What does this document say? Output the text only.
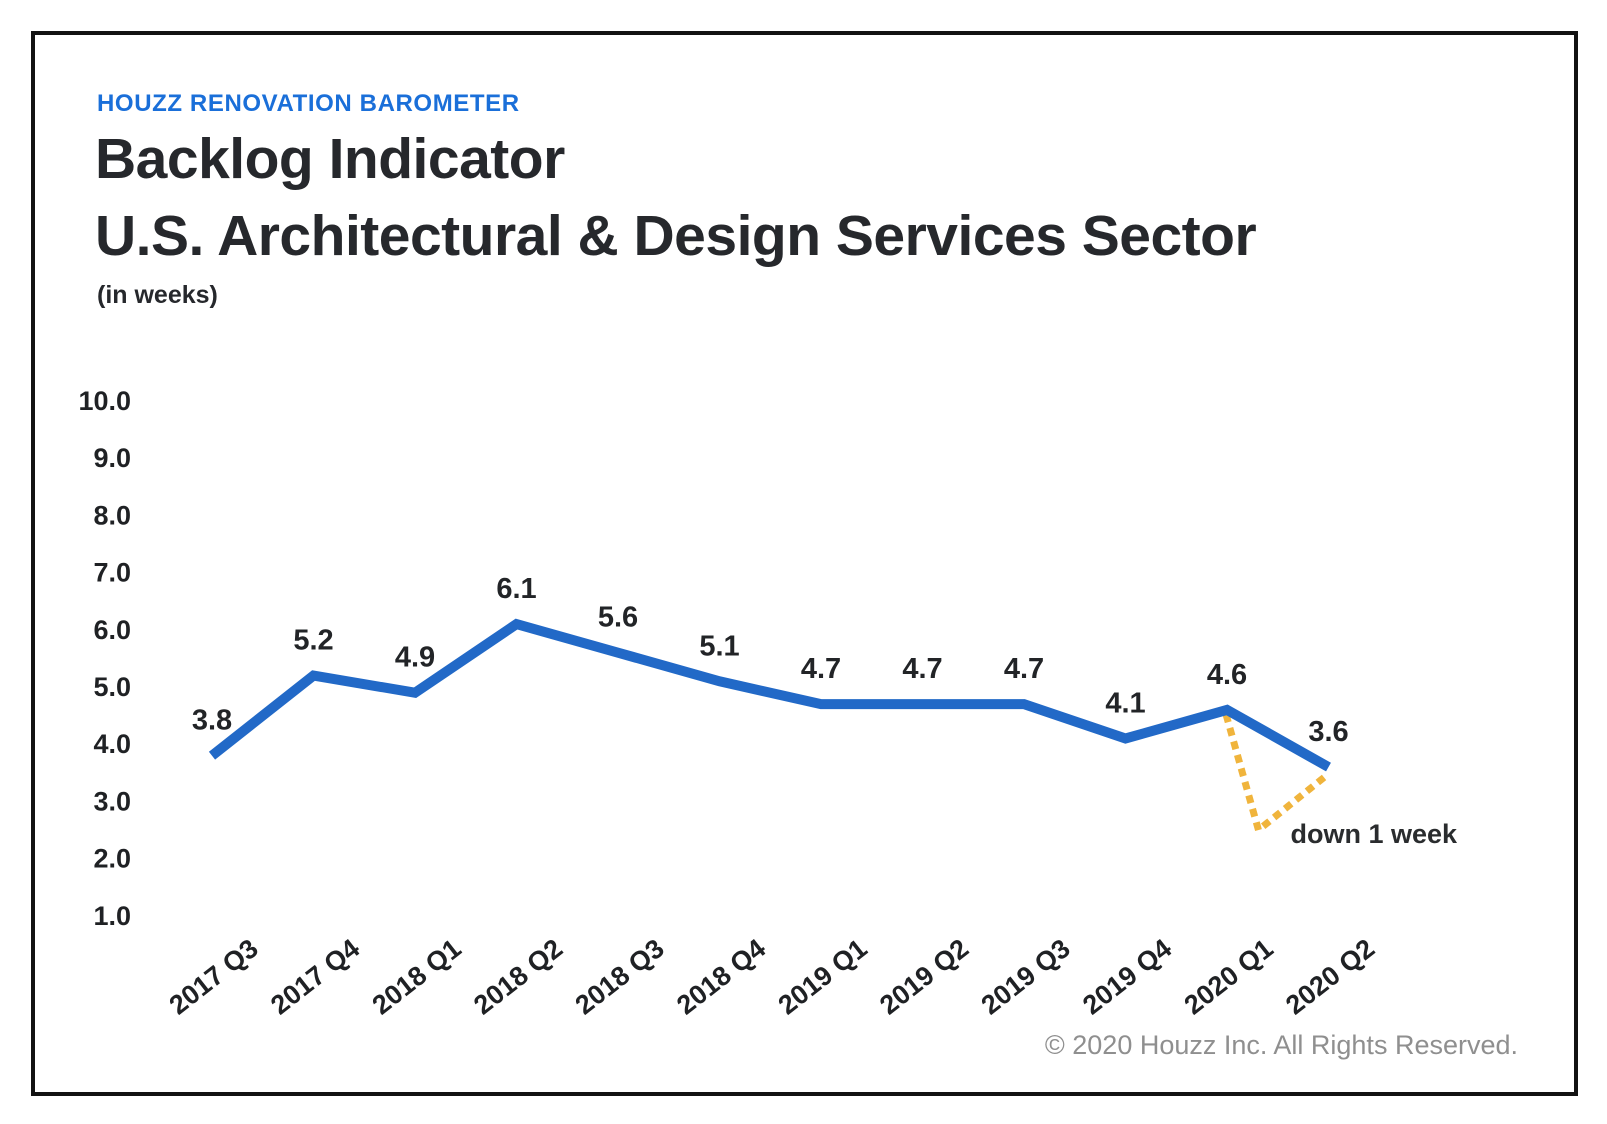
HOUZZ RENOVATION BAROMETER
Backlog Indicator
U.S. Architectural & Design Services Sector
(in weeks)
10.0
9.0
8.0
7.0
6.0
5.0
4.0
3.0
2.0
1.0
2017 Q3 2017 Q4 2018 Q1 2018 Q2 2018 Q3 2018 Q4 2019 Q1 2019 Q2 2019 Q3 2019 Q4 2020 Q1 2020 Q2
3.8
5.2
4.9
6.1
5.6
5.1
4.7 4.7 4.7
4.1
4.6
3.6
down 1 week
© 2020 Houzz Inc. All Rights Reserved.
